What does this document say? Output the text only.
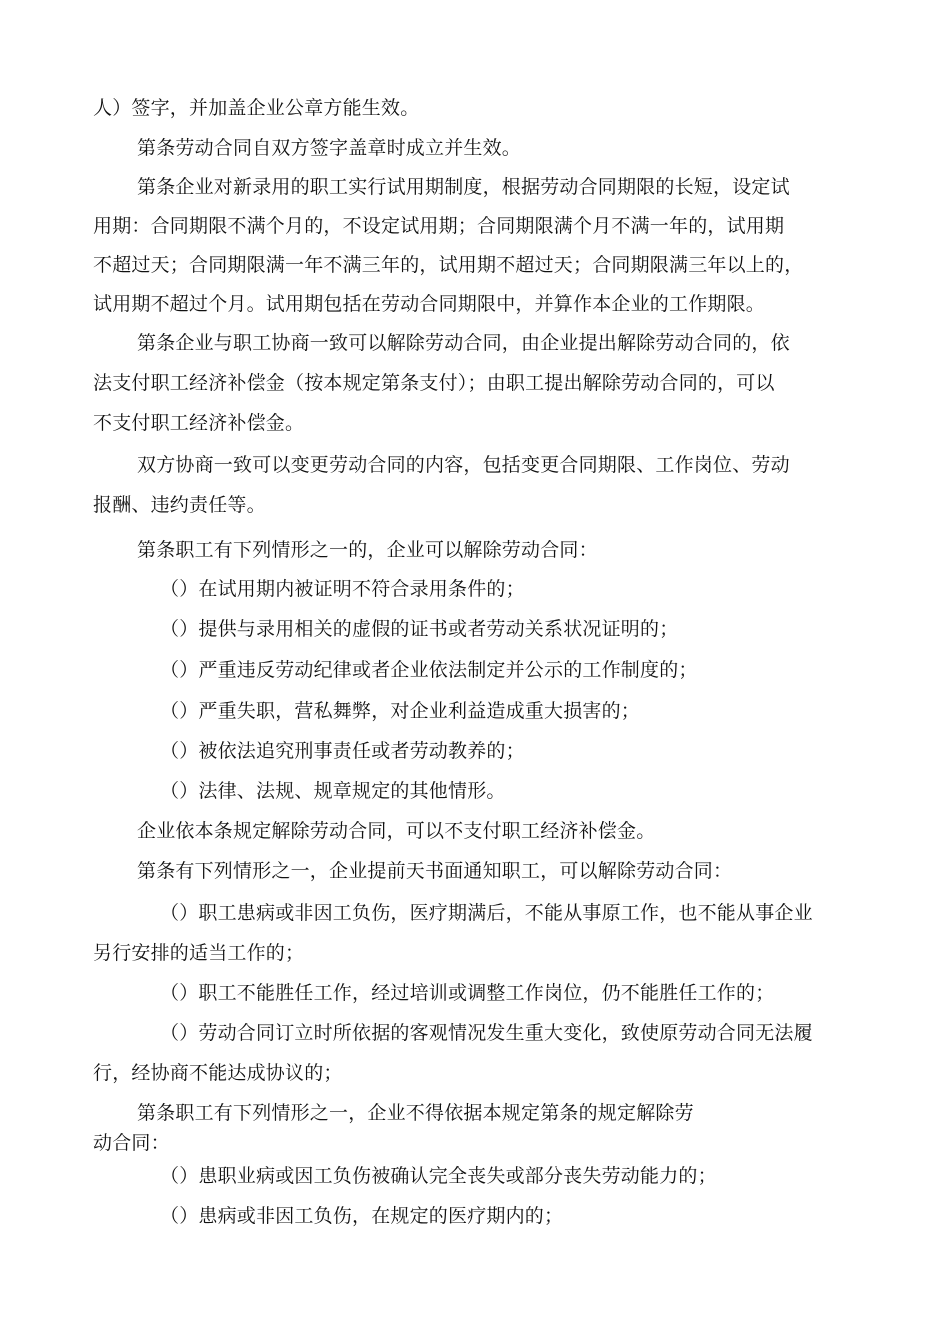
人）签字，并加盖企业公章方能生效。
第条劳动合同自双方签字盖章时成立并生效。
第条企业对新录用的职工实行试用期制度，根据劳动合同期限的长短，设定试
用期：合同期限不满个月的，不设定试用期；合同期限满个月不满一年的，试用期
不超过天；合同期限满一年不满三年的，试用期不超过天；合同期限满三年以上的，
试用期不超过个月。试用期包括在劳动合同期限中，并算作本企业的工作期限。
第条企业与职工协商一致可以解除劳动合同，由企业提出解除劳动合同的，依
法支付职工经济补偿金（按本规定第条支付）；由职工提出解除劳动合同的，可以
不支付职工经济补偿金。
双方协商一致可以变更劳动合同的内容，包括变更合同期限、工作岗位、劳动
报酬、违约责任等。
第条职工有下列情形之一的，企业可以解除劳动合同：
（）在试用期内被证明不符合录用条件的；
（）提供与录用相关的虚假的证书或者劳动关系状况证明的；
（）严重违反劳动纪律或者企业依法制定并公示的工作制度的；
（）严重失职，营私舞弊，对企业利益造成重大损害的；
（）被依法追究刑事责任或者劳动教养的；
（）法律、法规、规章规定的其他情形。
企业依本条规定解除劳动合同，可以不支付职工经济补偿金。
第条有下列情形之一，企业提前天书面通知职工，可以解除劳动合同：
（）职工患病或非因工负伤，医疗期满后，不能从事原工作，也不能从事企业
另行安排的适当工作的；
（）职工不能胜任工作，经过培训或调整工作岗位，仍不能胜任工作的；
（）劳动合同订立时所依据的客观情况发生重大变化，致使原劳动合同无法履
行，经协商不能达成协议的；
第条职工有下列情形之一，企业不得依据本规定第条的规定解除劳
动合同：
（）患职业病或因工负伤被确认完全丧失或部分丧失劳动能力的；
（）患病或非因工负伤，在规定的医疗期内的；
